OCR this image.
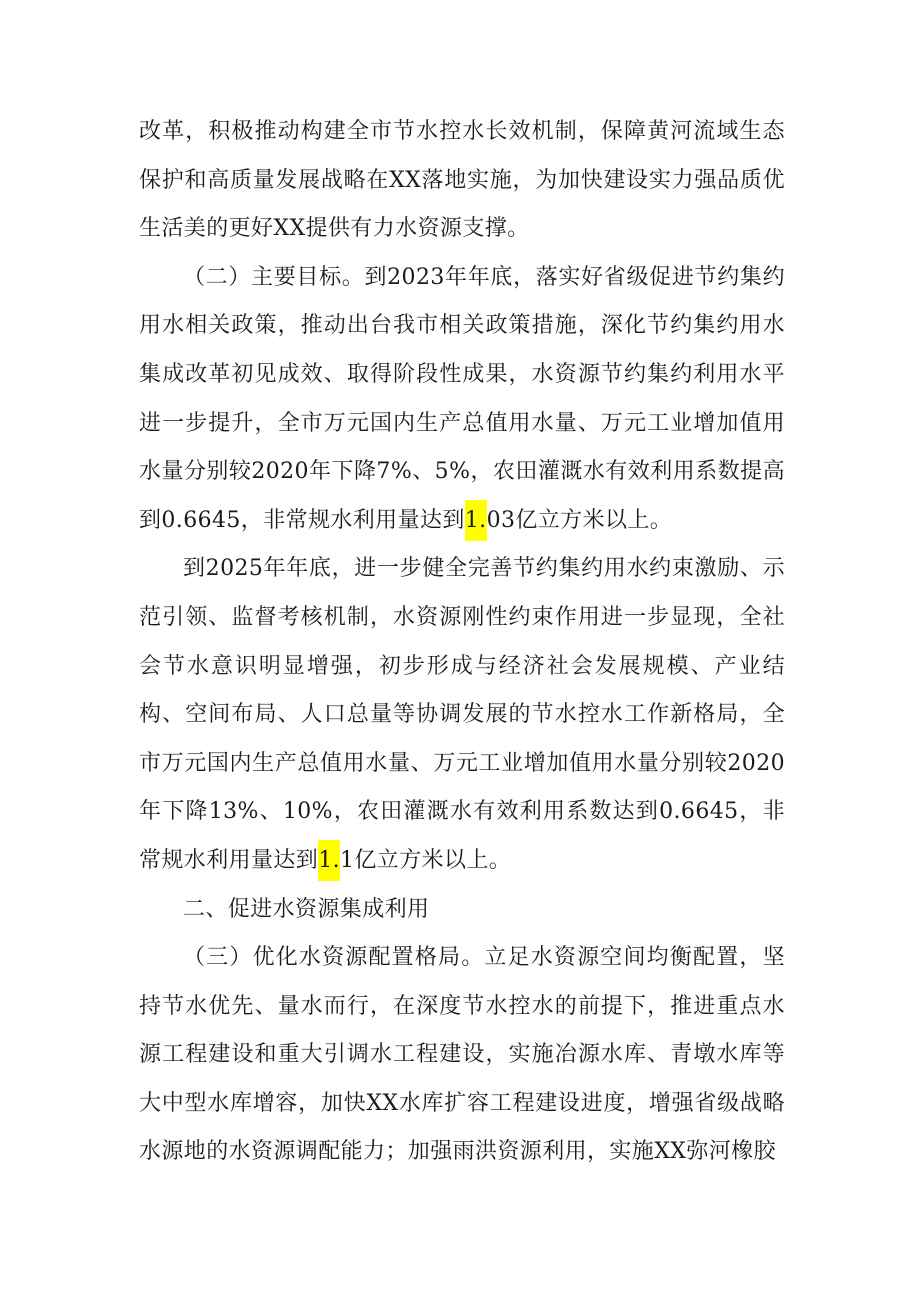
改革，积极推动构建全市节水控水长效机制，保障黄河流域生态保护和高质量发展战略在XX落地实施，为加快建设实力强品质优生活美的更好XX提供有力水资源支撑。

（二）主要目标。到2023年年底，落实好省级促进节约集约用水相关政策，推动出台我市相关政策措施，深化节约集约用水集成改革初见成效、取得阶段性成果，水资源节约集约利用水平进一步提升，全市万元国内生产总值用水量、万元工业增加值用水量分别较2020年下降7%、5%，农田灌溉水有效利用系数提高到0.6645，非常规水利用量达到1.03亿立方米以上。

到2025年年底，进一步健全完善节约集约用水约束激励、示范引领、监督考核机制，水资源刚性约束作用进一步显现，全社会节水意识明显增强，初步形成与经济社会发展规模、产业结构、空间布局、人口总量等协调发展的节水控水工作新格局，全市万元国内生产总值用水量、万元工业增加值用水量分别较2020年下降13%、10%，农田灌溉水有效利用系数达到0.6645，非常规水利用量达到1.1亿立方米以上。

二、促进水资源集成利用

（三）优化水资源配置格局。立足水资源空间均衡配置，坚持节水优先、量水而行，在深度节水控水的前提下，推进重点水源工程建设和重大引调水工程建设，实施冶源水库、青墩水库等大中型水库增容，加快XX水库扩容工程建设进度，增强省级战略水源地的水资源调配能力；加强雨洪资源利用，实施XX弥河橡胶
